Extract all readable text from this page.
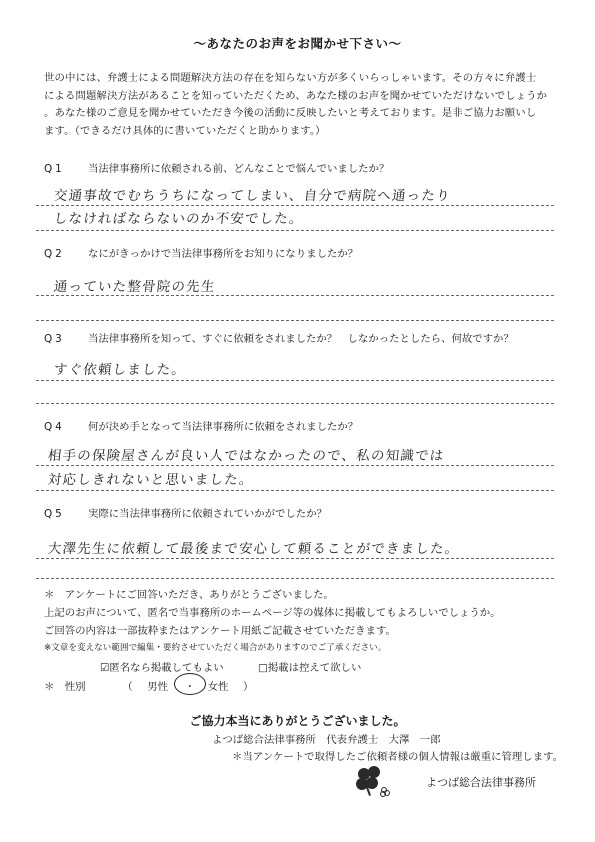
～あなたのお声をお聞かせ下さい～

世の中には、弁護士による問題解決方法の存在を知らない方が多くいらっしゃいます。その方々に弁護士

による問題解決方法があることを知っていただくため、あなた様のお声を聞かせていただけないでしょうか

。あなた様のご意見を聞かせていただき今後の活動に反映したいと考えております。是非ご協力お願いし

ます。（できるだけ具体的に書いていただくと助かります。）

Q1 当法律事務所に依頼される前、どんなことで悩んでいましたか？
交通事故でむちうちになってしまい、自分で病院へ通ったり
しなければならないのか不安でした。
Q2 なにがきっかけで当法律事務所をお知りになりましたか？
通っていた整骨院の先生
Q3 当法律事務所を知って、すぐに依頼をされましたか？　しなかったとしたら、何故ですか？
すぐ依頼しました。
Q4 何が決め手となって当法律事務所に依頼をされましたか？
相手の保険屋さんが良い人ではなかったので、私の知識では
対応しきれないと思いました。
Q5 実際に当法律事務所に依頼されていかがでしたか？
大澤先生に依頼して最後まで安心して頼ることができました。
＊　アンケートにご回答いただき、ありがとうございました。
上記のお声について、匿名で当事務所のホームページ等の媒体に掲載してもよろしいでしょうか。
ご回答の内容は一部抜粋またはアンケート用紙ご記載させていただきます。
※文章を変えない範囲で編集・要約させていただく場合がありますのでご了承ください。
☑匿名なら掲載してもよい	□掲載は控えて欲しい
＊　性別	（ 男性 ・ 女性 ）
ご協力本当にありがとうございました。
よつば総合法律事務所　代表弁護士　大澤　一郎
＊当アンケートで取得したご依頼者様の個人情報は厳重に管理します。
よつば総合法律事務所
